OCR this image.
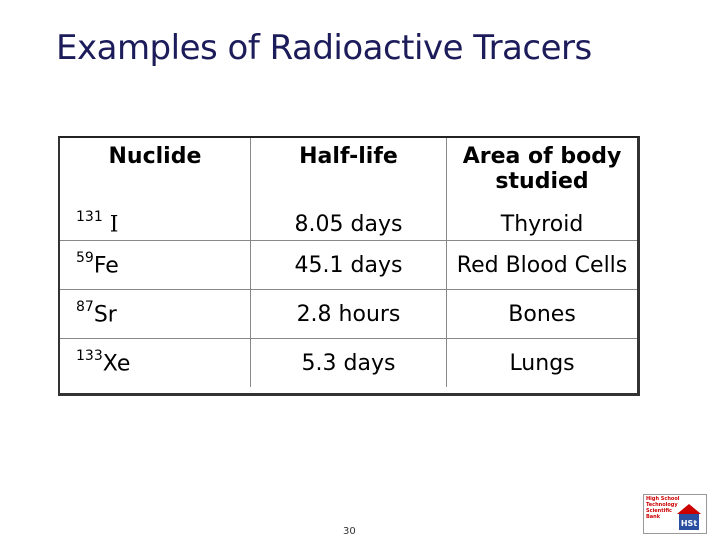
Examples of Radioactive Tracers
Nuclide	Half-life	Area of body studied
$^{131}$ I	8.05 days	Thyroid
$^{59}$Fe	45.1 days	Red Blood Cells
$^{87}$Sr	2.8 hours	Bones
$^{133}$Xe	5.3 days	Lungs
30
High School
Technology
Scientific
Bank
HSt
